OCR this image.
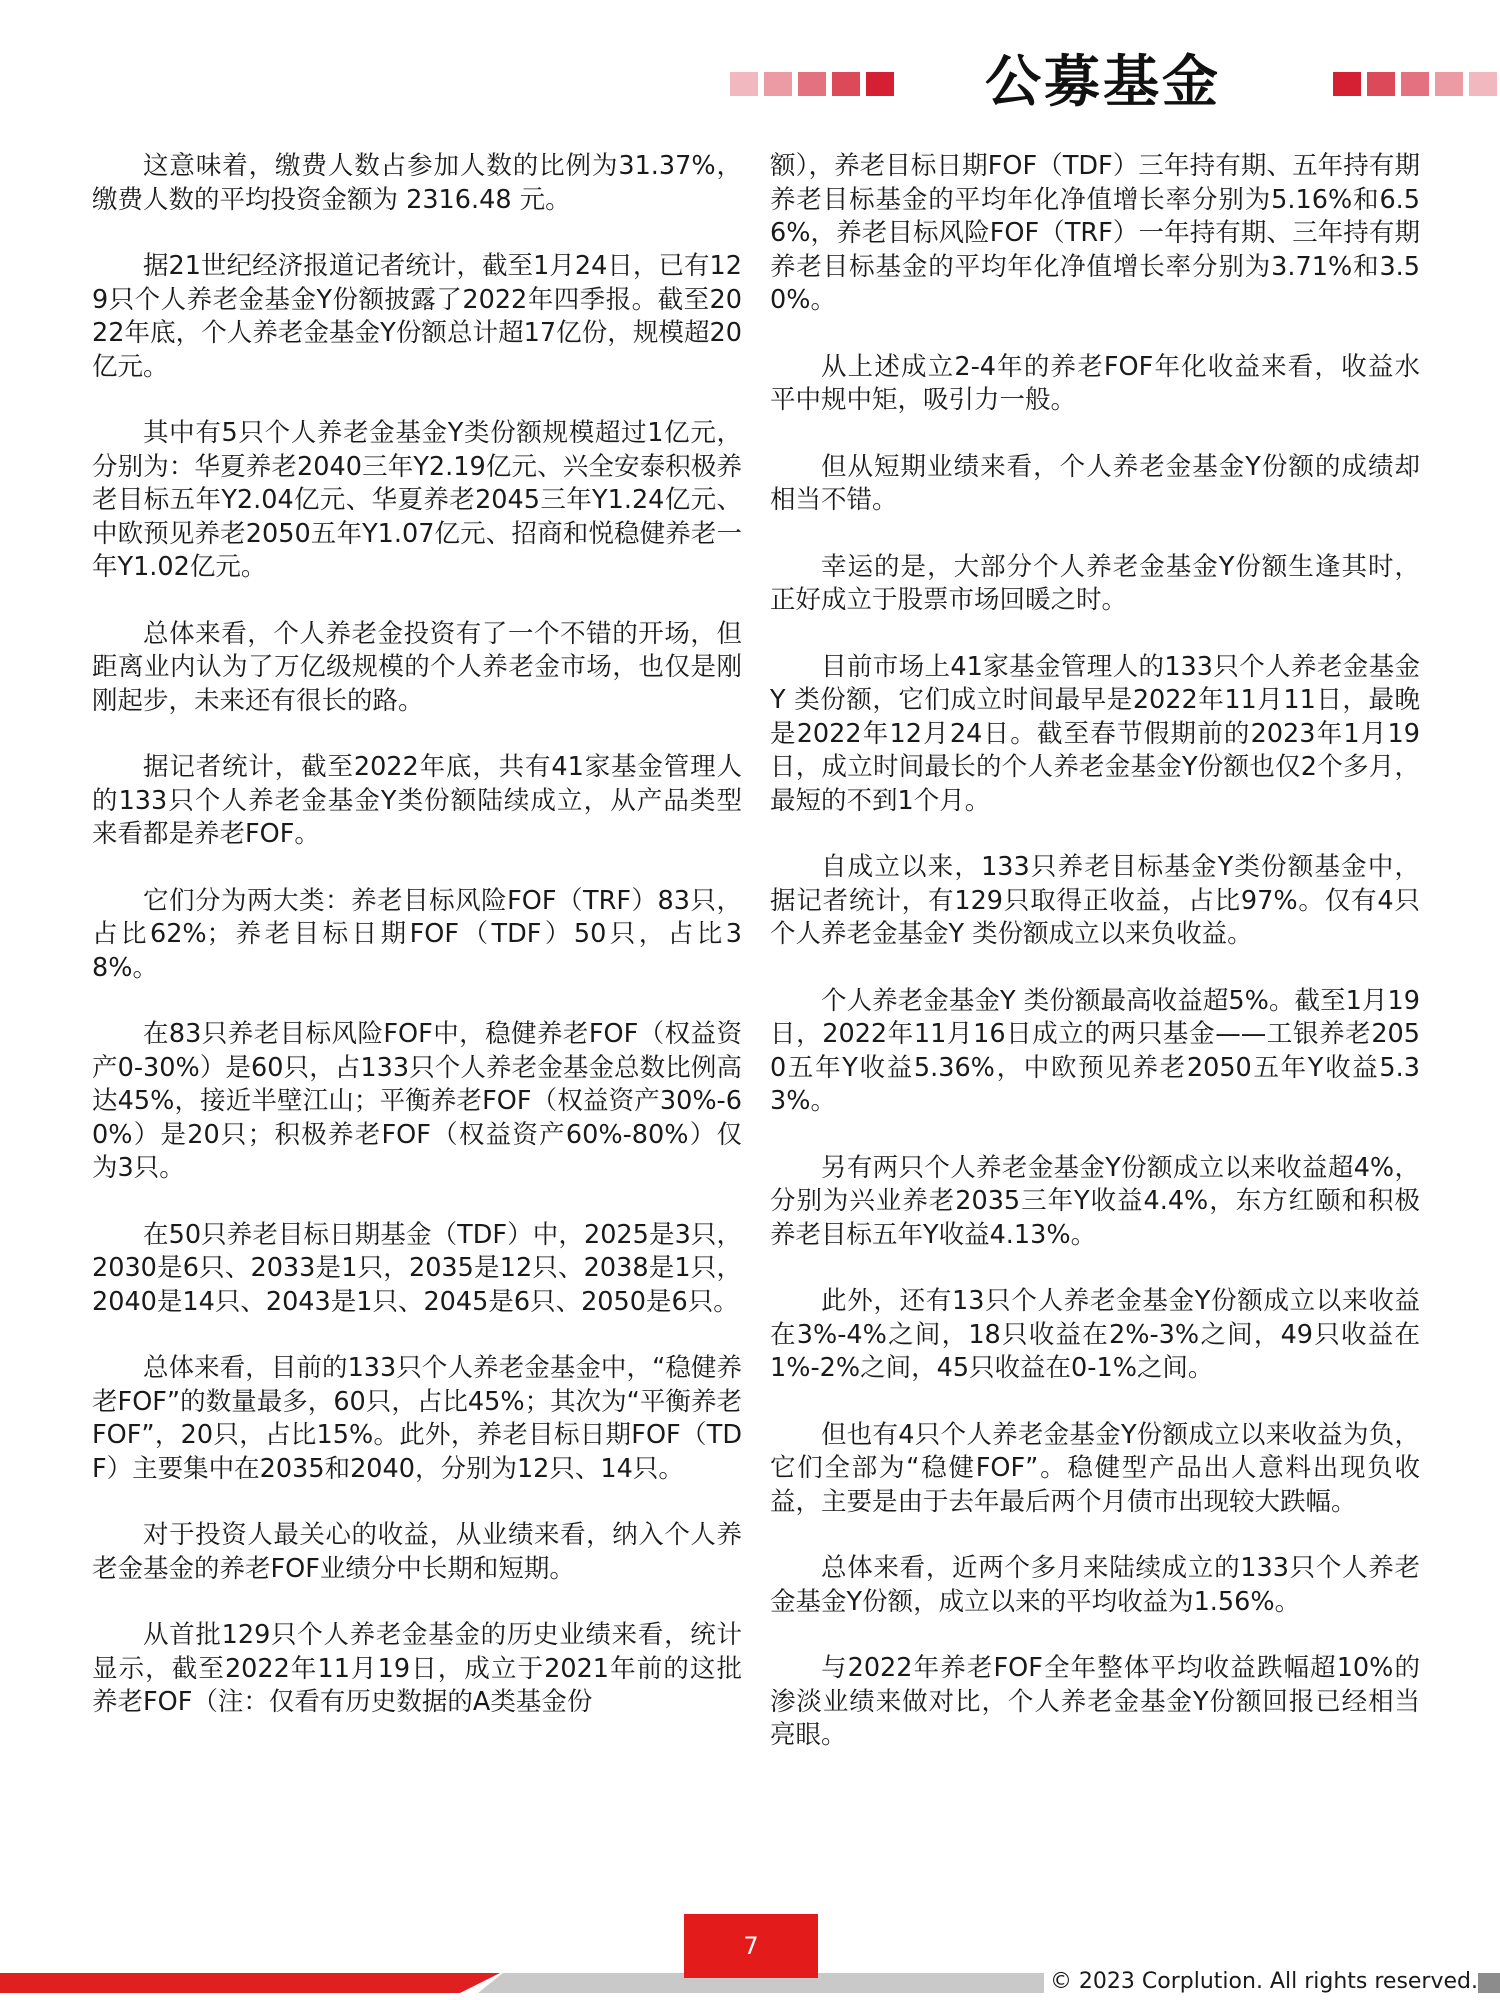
公募基金

这意味着，缴费人数占参加人数的比例为31.37%，缴费人数的平均投资金额为 2316.48 元。

据21世纪经济报道记者统计，截至1月24日，已有129只个人养老金基金Y份额披露了2022年四季报。截至2022年底，个人养老金基金Y份额总计超17亿份，规模超20亿元。

其中有5只个人养老金基金Y类份额规模超过1亿元，分别为：华夏养老2040三年Y2.19亿元、兴全安泰积极养老目标五年Y2.04亿元、华夏养老2045三年Y1.24亿元、中欧预见养老2050五年Y1.07亿元、招商和悦稳健养老一年Y1.02亿元。

总体来看，个人养老金投资有了一个不错的开场，但距离业内认为了万亿级规模的个人养老金市场，也仅是刚刚起步，未来还有很长的路。

据记者统计，截至2022年底，共有41家基金管理人的133只个人养老金基金Y类份额陆续成立，从产品类型来看都是养老FOF。

它们分为两大类：养老目标风险FOF（TRF）83只，占比62%；养老目标日期FOF（TDF）50只，占比38%。

在83只养老目标风险FOF中，稳健养老FOF（权益资产0-30%）是60只，占133只个人养老金基金总数比例高达45%，接近半壁江山；平衡养老FOF（权益资产30%-60%）是20只；积极养老FOF（权益资产60%-80%）仅为3只。

在50只养老目标日期基金（TDF）中，2025是3只，2030是6只、2033是1只，2035是12只、2038是1只，2040是14只、2043是1只、2045是6只、2050是6只。

总体来看，目前的133只个人养老金基金中，“稳健养老FOF”的数量最多，60只，占比45%；其次为“平衡养老FOF”，20只，占比15%。此外，养老目标日期FOF（TDF）主要集中在2035和2040，分别为12只、14只。

对于投资人最关心的收益，从业绩来看，纳入个人养老金基金的养老FOF业绩分中长期和短期。

从首批129只个人养老金基金的历史业绩来看，统计显示，截至2022年11月19日，成立于2021年前的这批养老FOF（注：仅看有历史数据的A类基金份

额），养老目标日期FOF（TDF）三年持有期、五年持有期养老目标基金的平均年化净值增长率分别为5.16%和6.56%，养老目标风险FOF（TRF）一年持有期、三年持有期养老目标基金的平均年化净值增长率分别为3.71%和3.50%。

从上述成立2-4年的养老FOF年化收益来看，收益水平中规中矩，吸引力一般。

但从短期业绩来看，个人养老金基金Y份额的成绩却相当不错。

幸运的是，大部分个人养老金基金Y份额生逢其时，正好成立于股票市场回暖之时。

目前市场上41家基金管理人的133只个人养老金基金Y 类份额，它们成立时间最早是2022年11月11日，最晚是2022年12月24日。截至春节假期前的2023年1月19日，成立时间最长的个人养老金基金Y份额也仅2个多月，最短的不到1个月。

自成立以来，133只养老目标基金Y类份额基金中，据记者统计，有129只取得正收益，占比97%。仅有4只个人养老金基金Y 类份额成立以来负收益。

个人养老金基金Y 类份额最高收益超5%。截至1月19日，2022年11月16日成立的两只基金——工银养老2050五年Y收益5.36%，中欧预见养老2050五年Y收益5.33%。

另有两只个人养老金基金Y份额成立以来收益超4%，分别为兴业养老2035三年Y收益4.4%，东方红颐和积极养老目标五年Y收益4.13%。

此外，还有13只个人养老金基金Y份额成立以来收益在3%-4%之间，18只收益在2%-3%之间，49只收益在1%-2%之间，45只收益在0-1%之间。

但也有4只个人养老金基金Y份额成立以来收益为负，它们全部为“稳健FOF”。稳健型产品出人意料出现负收益，主要是由于去年最后两个月债市出现较大跌幅。

总体来看，近两个多月来陆续成立的133只个人养老金基金Y份额，成立以来的平均收益为1.56%。

与2022年养老FOF全年整体平均收益跌幅超10%的渗淡业绩来做对比，个人养老金基金Y份额回报已经相当亮眼。

7
© 2023 Corplution. All rights reserved.
